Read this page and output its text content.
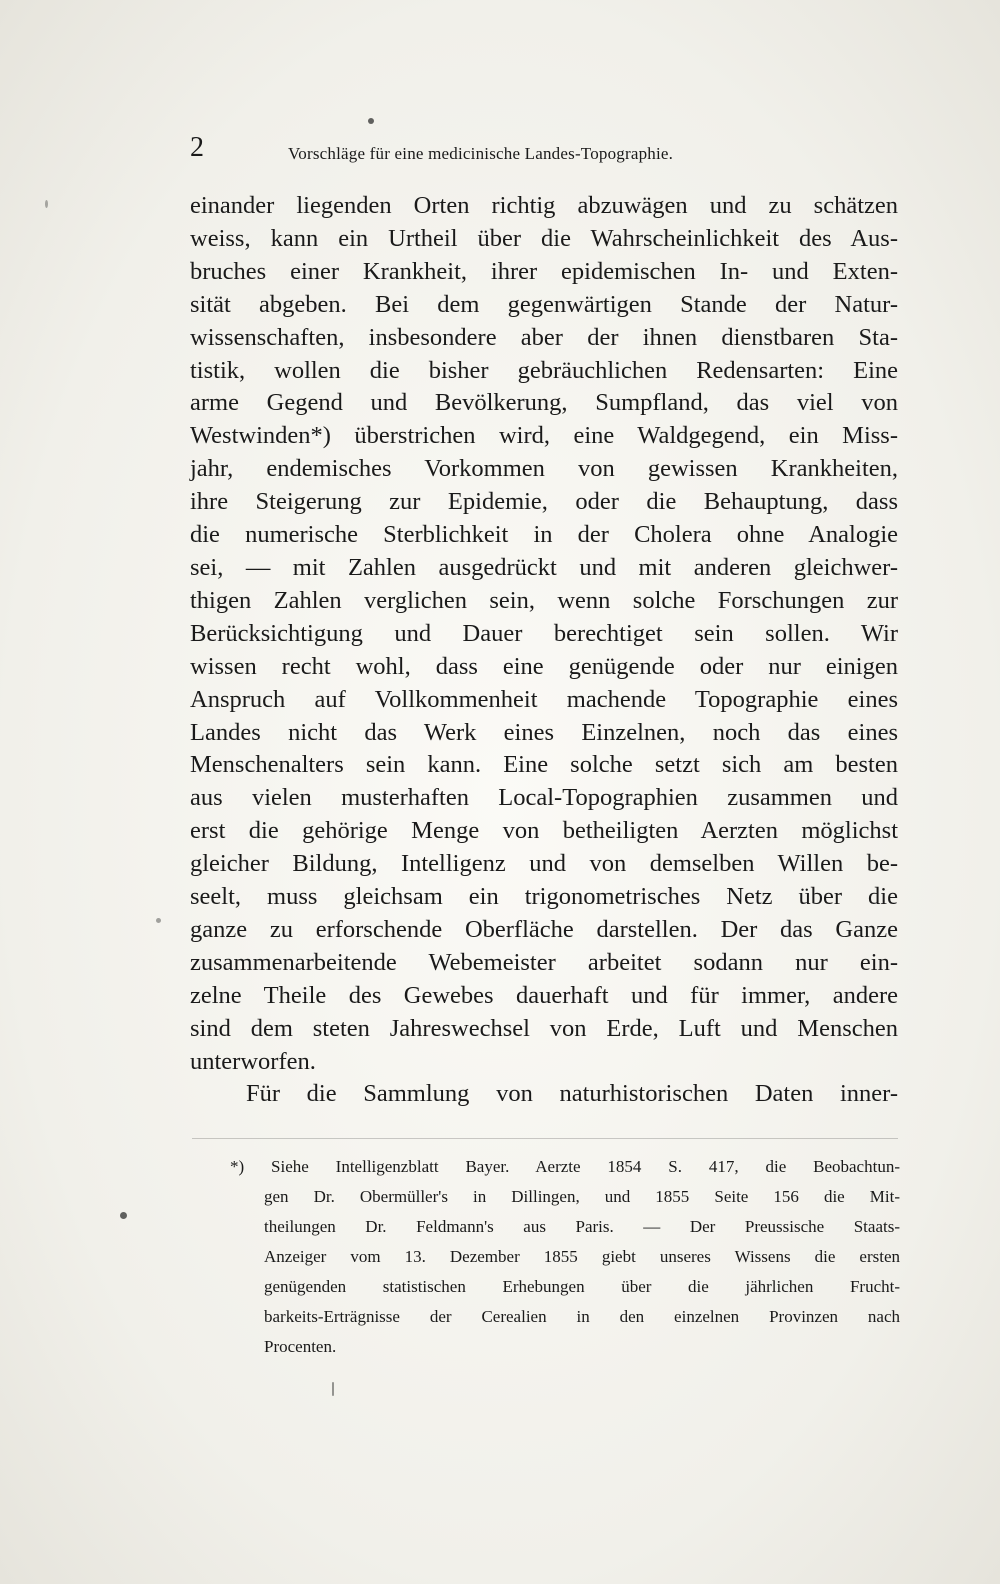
2	Vorschläge für eine medicinische Landes-Topographie.
einander liegenden Orten richtig abzuwägen und zu schätzen
weiss, kann ein Urtheil über die Wahrscheinlichkeit des Aus-
bruches einer Krankheit, ihrer epidemischen In- und Exten-
sität abgeben. Bei dem gegenwärtigen Stande der Natur-
wissenschaften, insbesondere aber der ihnen dienstbaren Sta-
tistik, wollen die bisher gebräuchlichen Redensarten: Eine
arme Gegend und Bevölkerung, Sumpfland, das viel von
Westwinden*) überstrichen wird, eine Waldgegend, ein Miss-
jahr, endemisches Vorkommen von gewissen Krankheiten,
ihre Steigerung zur Epidemie, oder die Behauptung, dass
die numerische Sterblichkeit in der Cholera ohne Analogie
sei, — mit Zahlen ausgedrückt und mit anderen gleichwer-
thigen Zahlen verglichen sein, wenn solche Forschungen zur
Berücksichtigung und Dauer berechtiget sein sollen. Wir
wissen recht wohl, dass eine genügende oder nur einigen
Anspruch auf Vollkommenheit machende Topographie eines
Landes nicht das Werk eines Einzelnen, noch das eines
Menschenalters sein kann. Eine solche setzt sich am besten
aus vielen musterhaften Local-Topographien zusammen und
erst die gehörige Menge von betheiligten Aerzten möglichst
gleicher Bildung, Intelligenz und von demselben Willen be-
seelt, muss gleichsam ein trigonometrisches Netz über die
ganze zu erforschende Oberfläche darstellen. Der das Ganze
zusammenarbeitende Webemeister arbeitet sodann nur ein-
zelne Theile des Gewebes dauerhaft und für immer, andere
sind dem steten Jahreswechsel von Erde, Luft und Menschen
unterworfen.
Für die Sammlung von naturhistorischen Daten inner-
*) Siehe Intelligenzblatt Bayer. Aerzte 1854 S. 417, die Beobachtun-
gen Dr. Obermüller's in Dillingen, und 1855 Seite 156 die Mit-
theilungen Dr. Feldmann's aus Paris. — Der Preussische Staats-
Anzeiger vom 13. Dezember 1855 giebt unseres Wissens die ersten
genügenden statistischen Erhebungen über die jährlichen Frucht-
barkeits-Erträgnisse der Cerealien in den einzelnen Provinzen nach
Procenten.
